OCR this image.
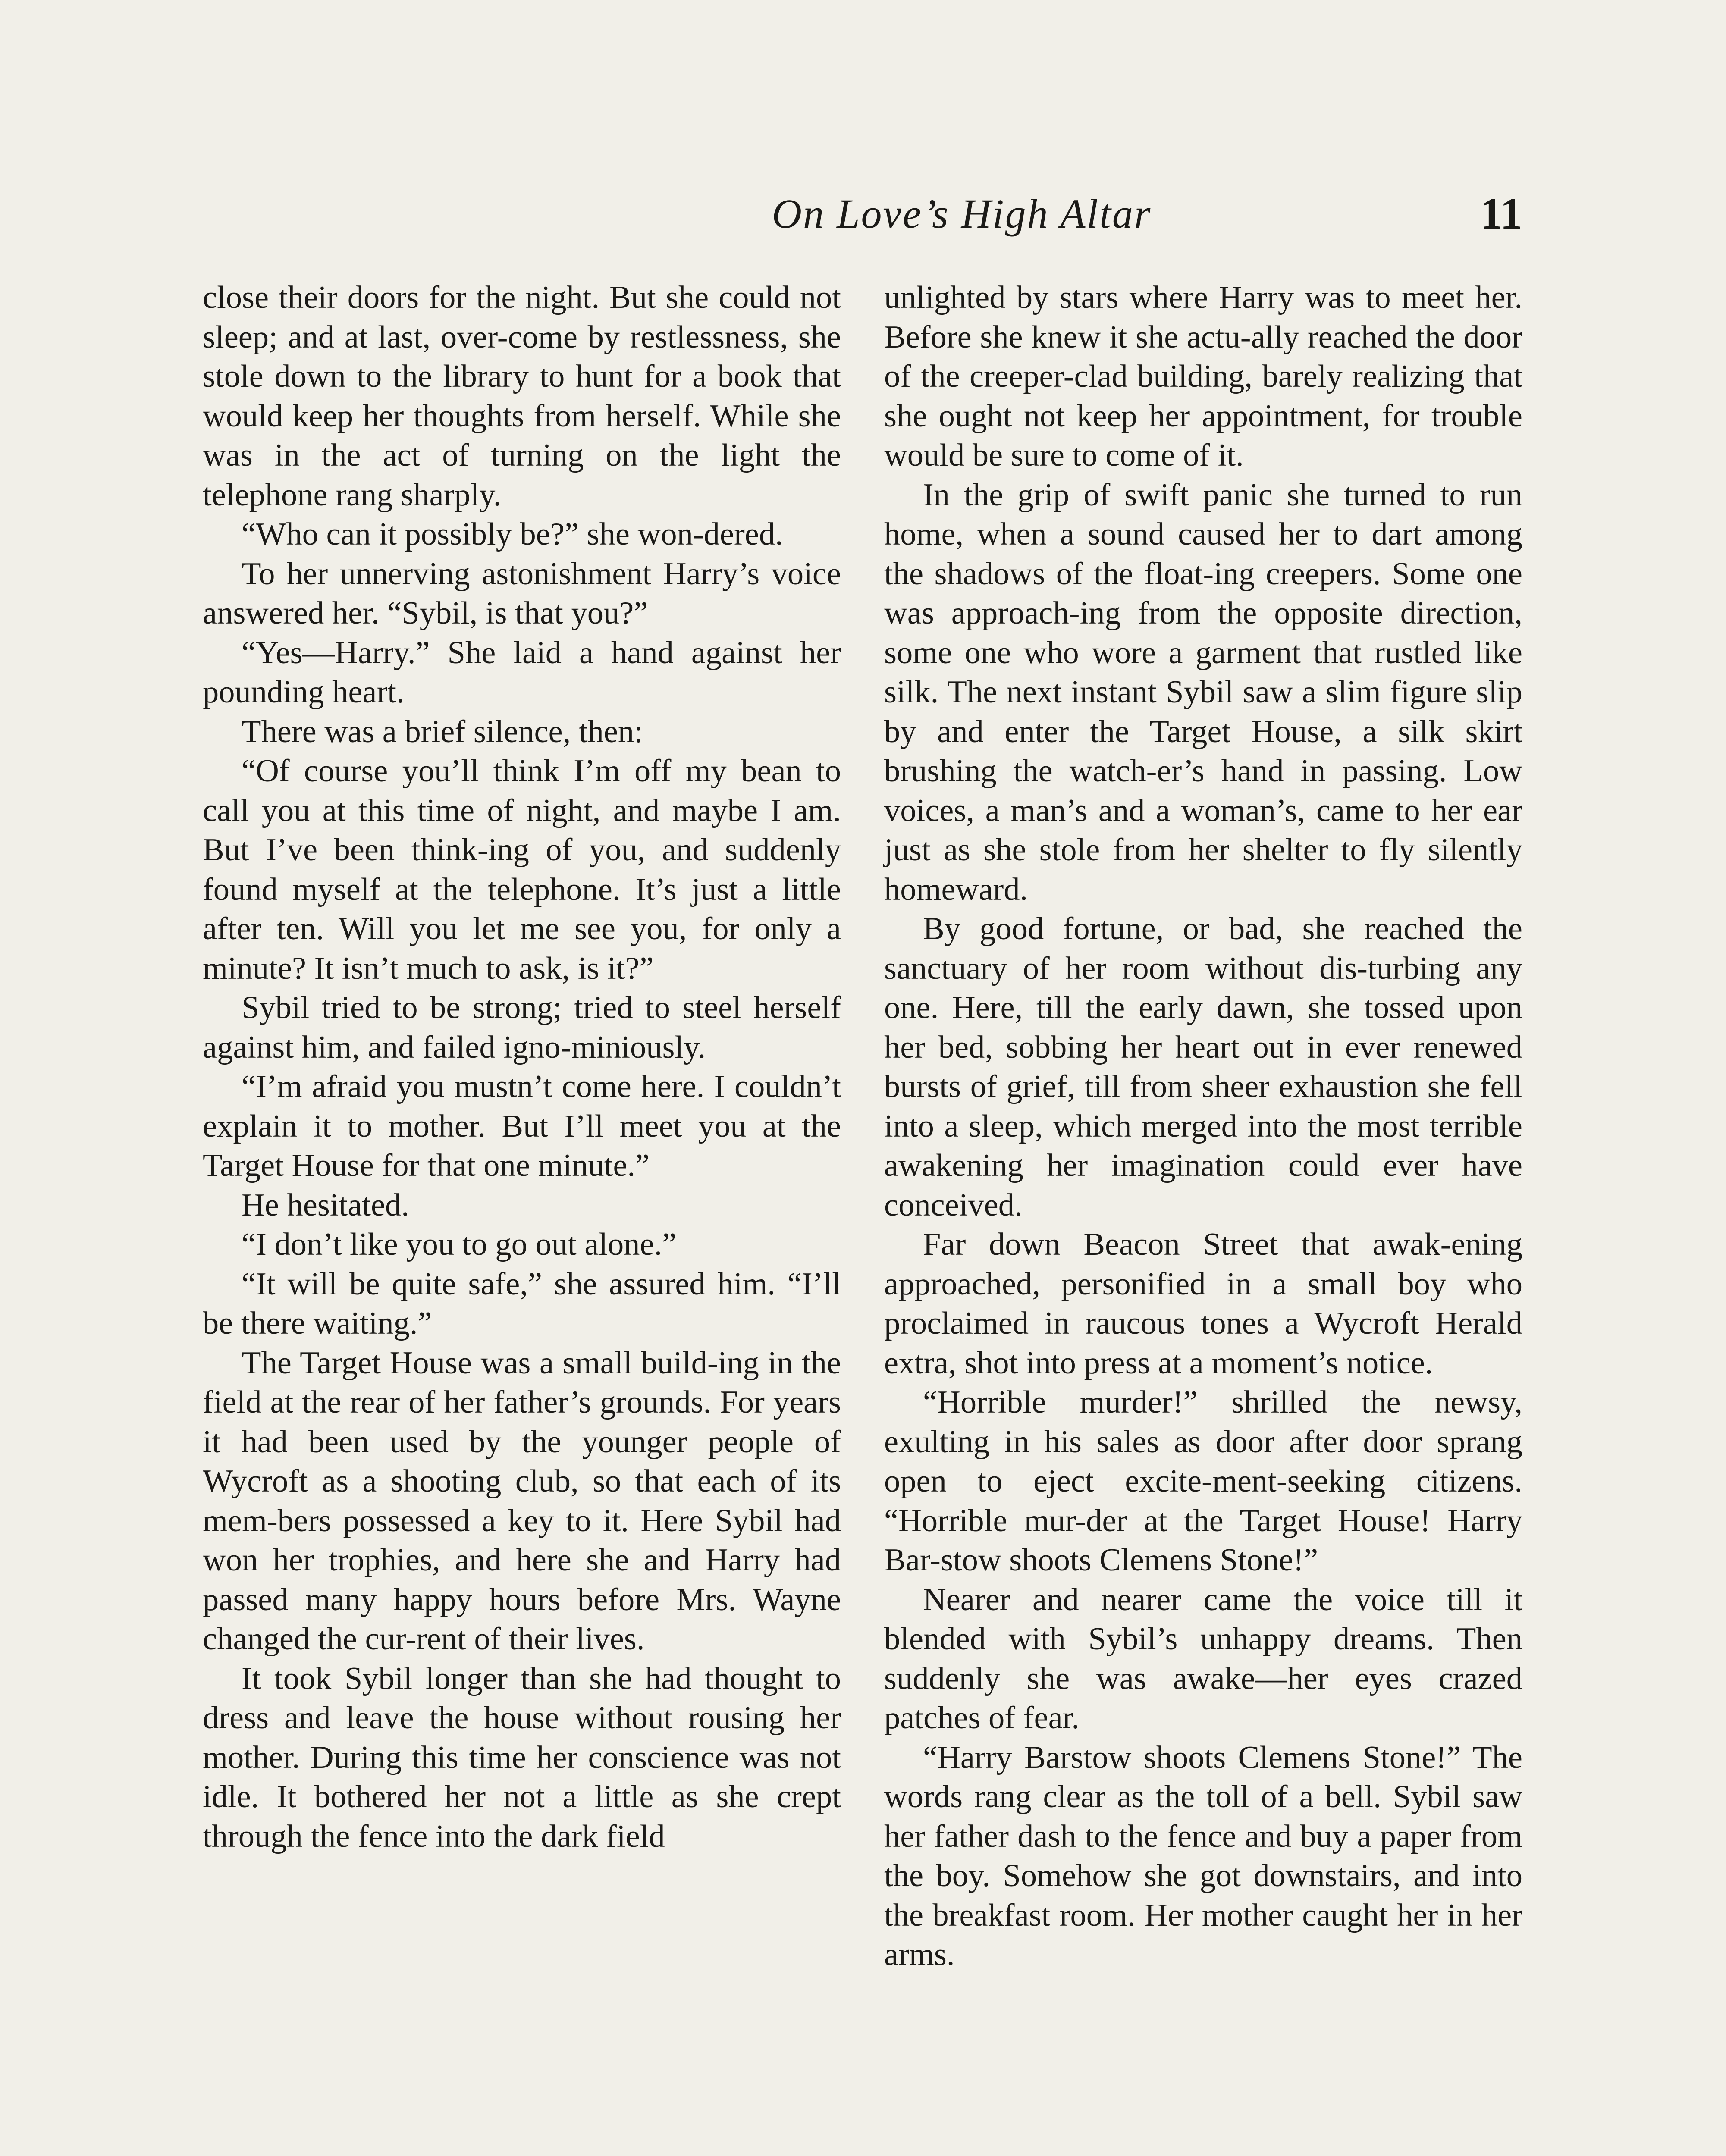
On Love’s High Altar	11

close their doors for the night. But she could not sleep; and at last, over-come by restlessness, she stole down to the library to hunt for a book that would keep her thoughts from herself. While she was in the act of turning on the light the telephone rang sharply.

“Who can it possibly be?” she won-dered.

To her unnerving astonishment Harry’s voice answered her. “Sybil, is that you?”

“Yes—Harry.” She laid a hand against her pounding heart.

There was a brief silence, then:

“Of course you’ll think I’m off my bean to call you at this time of night, and maybe I am. But I’ve been think-ing of you, and suddenly found myself at the telephone. It’s just a little after ten. Will you let me see you, for only a minute? It isn’t much to ask, is it?”

Sybil tried to be strong; tried to steel herself against him, and failed igno-miniously.

“I’m afraid you mustn’t come here. I couldn’t explain it to mother. But I’ll meet you at the Target House for that one minute.”

He hesitated.

“I don’t like you to go out alone.”

“It will be quite safe,” she assured him. “I’ll be there waiting.”

The Target House was a small build-ing in the field at the rear of her father’s grounds. For years it had been used by the younger people of Wycroft as a shooting club, so that each of its mem-bers possessed a key to it. Here Sybil had won her trophies, and here she and Harry had passed many happy hours before Mrs. Wayne changed the cur-rent of their lives.

It took Sybil longer than she had thought to dress and leave the house without rousing her mother. During this time her conscience was not idle. It bothered her not a little as she crept through the fence into the dark field

unlighted by stars where Harry was to meet her. Before she knew it she actu-ally reached the door of the creeper-clad building, barely realizing that she ought not keep her appointment, for trouble would be sure to come of it.

In the grip of swift panic she turned to run home, when a sound caused her to dart among the shadows of the float-ing creepers. Some one was approach-ing from the opposite direction, some one who wore a garment that rustled like silk. The next instant Sybil saw a slim figure slip by and enter the Target House, a silk skirt brushing the watch-er’s hand in passing. Low voices, a man’s and a woman’s, came to her ear just as she stole from her shelter to fly silently homeward.

By good fortune, or bad, she reached the sanctuary of her room without dis-turbing any one. Here, till the early dawn, she tossed upon her bed, sobbing her heart out in ever renewed bursts of grief, till from sheer exhaustion she fell into a sleep, which merged into the most terrible awakening her imagination could ever have conceived.

Far down Beacon Street that awak-ening approached, personified in a small boy who proclaimed in raucous tones a Wycroft Herald extra, shot into press at a moment’s notice.

“Horrible murder!” shrilled the newsy, exulting in his sales as door after door sprang open to eject excite-ment-seeking citizens. “Horrible mur-der at the Target House! Harry Bar-stow shoots Clemens Stone!”

Nearer and nearer came the voice till it blended with Sybil’s unhappy dreams. Then suddenly she was awake—her eyes crazed patches of fear.

“Harry Barstow shoots Clemens Stone!” The words rang clear as the toll of a bell. Sybil saw her father dash to the fence and buy a paper from the boy. Somehow she got downstairs, and into the breakfast room. Her mother caught her in her arms.
